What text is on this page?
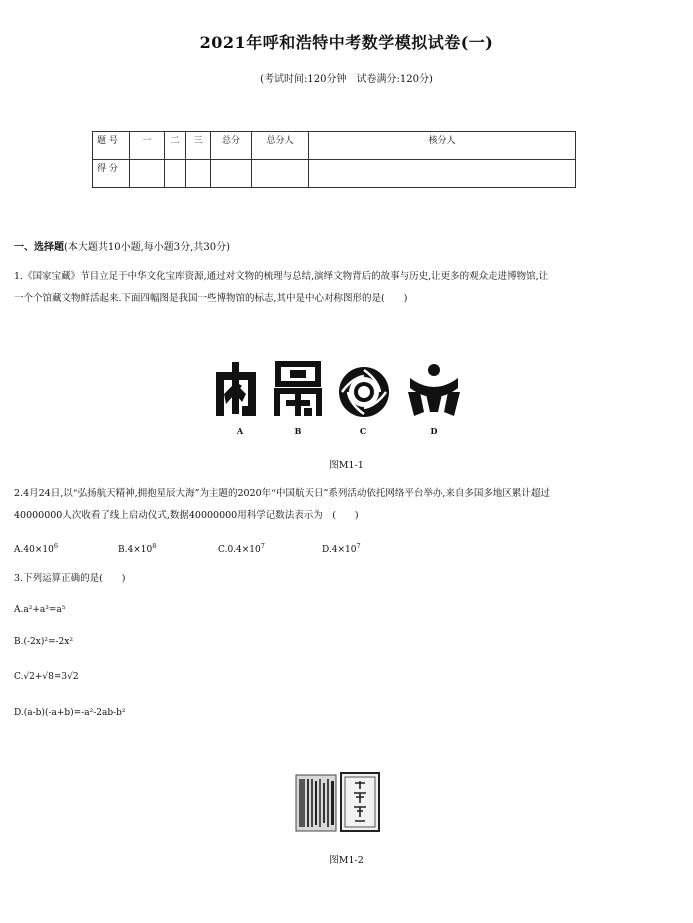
2021年呼和浩特中考数学模拟试卷(一)
(考试时间:120分钟　试卷满分:120分)
题 号	一	二	三	总分	总分人	核分人
得 分						
一、选择题(本大题共10小题,每小题3分,共30分)
1.《国家宝藏》节目立足于中华文化宝库资源,通过对文物的梳理与总结,演绎文物背后的故事与历史,让更多的观众走进博物馆,让
一个个馆藏文物鲜活起来.下面四幅图是我国一些博物馆的标志,其中是中心对称图形的是(　　)
A	B	C	D
图M1-1
2.4月24日,以“弘扬航天精神,拥抱星辰大海”为主题的2020年“中国航天日”系列活动依托网络平台举办,来自多国多地区累计超过
40000000人次收看了线上启动仪式,数据40000000用科学记数法表示为　(　　)
$A.40\times 10^6$	$B.4\times 10^8$	$C.0.4\times 10^7$	$D.4\times 10^7$
3.下列运算正确的是(　　)
A.a²+a³=a⁵
B.(-2x)²=-2x²
C.√2+√8=3√2
D.(a-b)(-a+b)=-a²-2ab-b²
图M1-2
